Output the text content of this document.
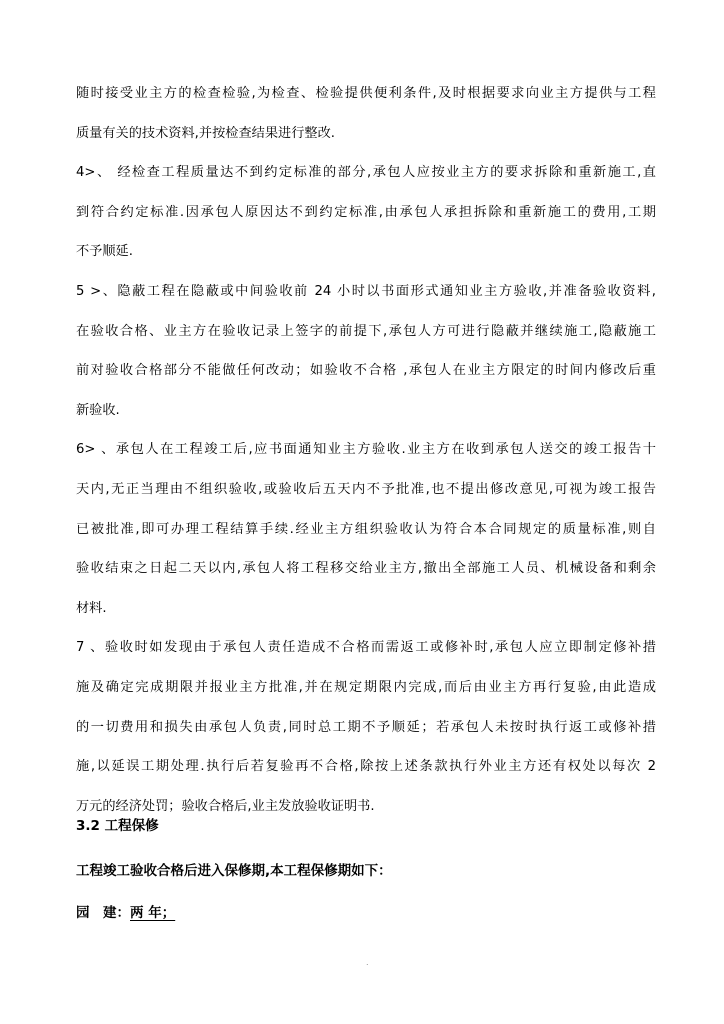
随时接受业主方的检查检验,为检查、检验提供便利条件,及时根据要求向业主方提供与工程
质量有关的技术资料,并按检查结果进行整改.
4>、 经检查工程质量达不到约定标准的部分,承包人应按业主方的要求拆除和重新施工,直
到符合约定标准.因承包人原因达不到约定标准,由承包人承担拆除和重新施工的费用,工期
不予顺延.
5 >、隐蔽工程在隐蔽或中间验收前 24 小时以书面形式通知业主方验收,并准备验收资料,
在验收合格、业主方在验收记录上签字的前提下,承包人方可进行隐蔽并继续施工,隐蔽施工
前对验收合格部分不能做任何改动；如验收不合格 ,承包人在业主方限定的时间内修改后重
新验收.
6> 、承包人在工程竣工后,应书面通知业主方验收.业主方在收到承包人送交的竣工报告十
天内,无正当理由不组织验收,或验收后五天内不予批准,也不提出修改意见,可视为竣工报告
已被批准,即可办理工程结算手续.经业主方组织验收认为符合本合同规定的质量标准,则自
验收结束之日起二天以内,承包人将工程移交给业主方,撤出全部施工人员、机械设备和剩余
材料.
7 、验收时如发现由于承包人责任造成不合格而需返工或修补时,承包人应立即制定修补措
施及确定完成期限并报业主方批准,并在规定期限内完成,而后由业主方再行复验,由此造成
的一切费用和损失由承包人负责,同时总工期不予顺延；若承包人未按时执行返工或修补措
施,以延误工期处理.执行后若复验再不合格,除按上述条款执行外业主方还有权处以每次 2
万元的经济处罚；验收合格后,业主发放验收证明书.
3.2 工程保修
工程竣工验收合格后进入保修期,本工程保修期如下：
园　建：两 年；
.
